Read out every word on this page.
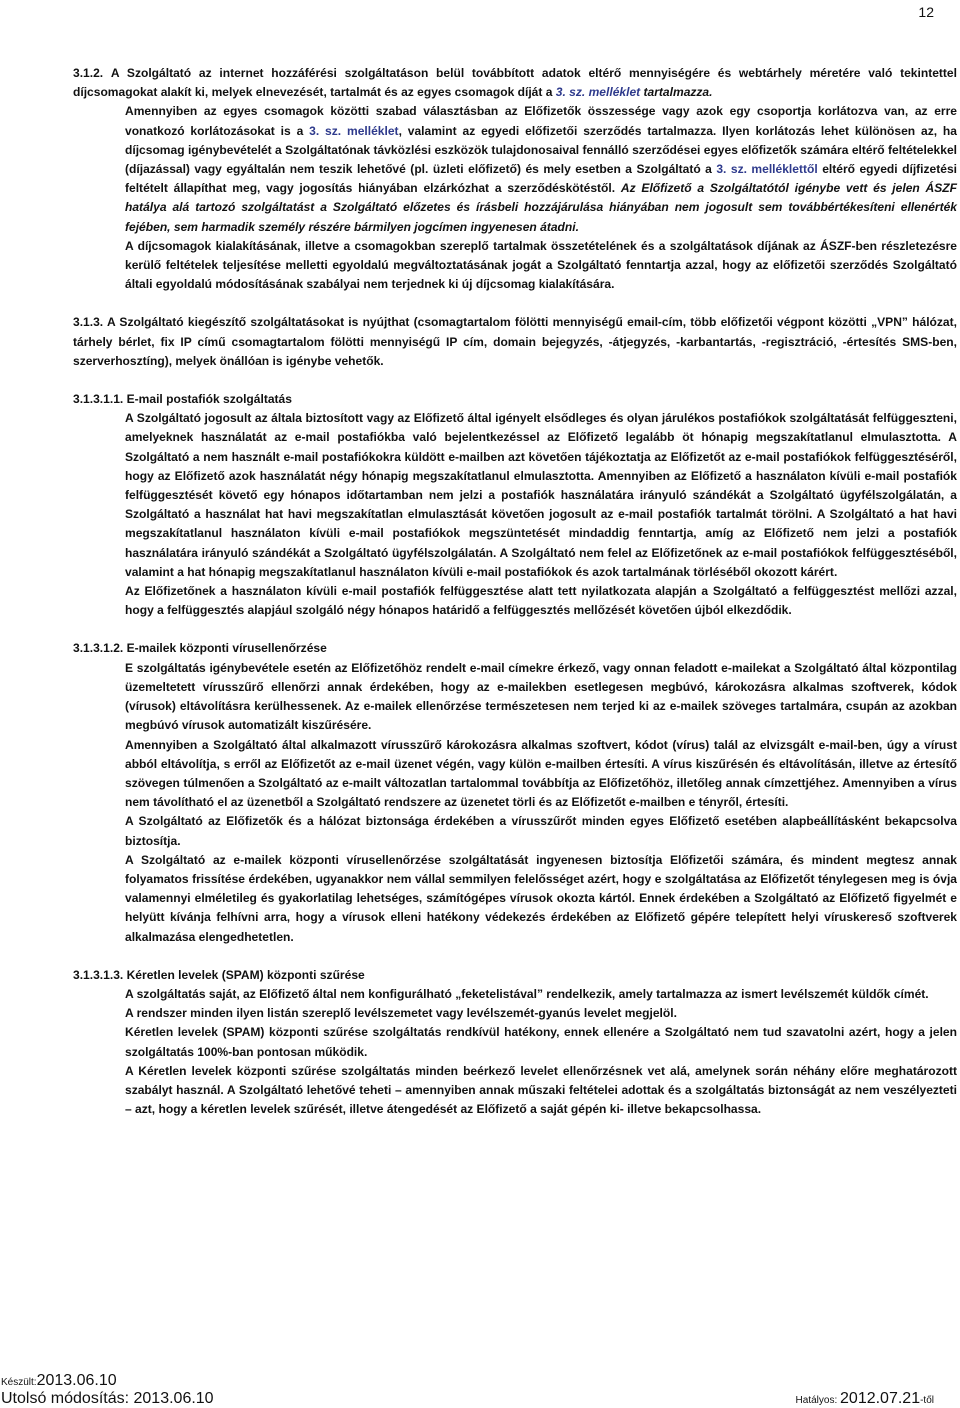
12

3.1.2. A Szolgáltató az internet hozzáférési szolgáltatáson belül továbbított adatok eltérő mennyiségére és webtárhely méretére való tekintettel díjcsomagokat alakít ki, melyek elnevezését, tartalmát és az egyes csomagok díját a 3. sz. melléklet tartalmazza.

Amennyiben az egyes csomagok közötti szabad választásban az Előfizetők összessége vagy azok egy csoportja korlátozva van, az erre vonatkozó korlátozásokat is a 3. sz. melléklet, valamint az egyedi előfizetői szerződés tartalmazza. Ilyen korlátozás lehet különösen az, ha díjcsomag igénybevételét a Szolgáltatónak távközlési eszközök tulajdonosaival fennálló szerződései egyes előfizetők számára eltérő feltételekkel (díjazással) vagy egyáltalán nem teszik lehetővé (pl. üzleti előfizető) és mely esetben a Szolgáltató a 3. sz. melléklettől eltérő egyedi díjfizetési feltételt állapíthat meg, vagy jogosítás hiányában elzárkózhat a szerződéskötéstől. Az Előfizető a Szolgáltatótól igénybe vett és jelen ÁSZF hatálya alá tartozó szolgáltatást a Szolgáltató előzetes és írásbeli hozzájárulása hiányában nem jogosult sem továbbértékesíteni ellenérték fejében, sem harmadik személy részére bármilyen jogcímen ingyenesen átadni.

A díjcsomagok kialakításának, illetve a csomagokban szereplő tartalmak összetételének és a szolgáltatások díjának az ÁSZF-ben részletezésre kerülő feltételek teljesítése melletti egyoldalú megváltoztatásának jogát a Szolgáltató fenntartja azzal, hogy az előfizetői szerződés Szolgáltató általi egyoldalú módosításának szabályai nem terjednek ki új díjcsomag kialakítására.

3.1.3. A Szolgáltató kiegészítő szolgáltatásokat is nyújthat (csomagtartalom fölötti mennyiségű email-cím, több előfizetői végpont közötti „VPN” hálózat, tárhely bérlet, fix IP című csomagtartalom fölötti mennyiségű IP cím, domain bejegyzés, -átjegyzés, -karbantartás, -regisztráció, -értesítés SMS-ben, szerverhosztíng), melyek önállóan is igénybe vehetők.

3.1.3.1.1. E-mail postafiók szolgáltatás

A Szolgáltató jogosult az általa biztosított vagy az Előfizető által igényelt elsődleges és olyan járulékos postafiókok szolgáltatását felfüggeszteni, amelyeknek használatát az e-mail postafiókba való bejelentkezéssel az Előfizető legalább öt hónapig megszakítatlanul elmulasztotta. A Szolgáltató a nem használt e-mail postafiókokra küldött e-mailben azt követően tájékoztatja az Előfizetőt az e-mail postafiókok felfüggesztéséről, hogy az Előfizető azok használatát négy hónapig megszakítatlanul elmulasztotta. Amennyiben az Előfizető a használaton kívüli e-mail postafiók felfüggesztését követő egy hónapos időtartamban nem jelzi a postafiók használatára irányuló szándékát a Szolgáltató ügyfélszolgálatán, a Szolgáltató a használat hat havi megszakítatlan elmulasztását követően jogosult az e-mail postafiók tartalmát törölni. A Szolgáltató a hat havi megszakítatlanul használaton kívüli e-mail postafiókok megszüntetését mindaddig fenntartja, amíg az Előfizető nem jelzi a postafiók használatára irányuló szándékát a Szolgáltató ügyfélszolgálatán. A Szolgáltató nem felel az Előfizetőnek az e-mail postafiókok felfüggesztéséből, valamint a hat hónapig megszakítatlanul használaton kívüli e-mail postafiókok és azok tartalmának törléséből okozott kárért.

Az Előfizetőnek a használaton kívüli e-mail postafiók felfüggesztése alatt tett nyilatkozata alapján a Szolgáltató a felfüggesztést mellőzi azzal, hogy a felfüggesztés alapjául szolgáló négy hónapos határidő a felfüggesztés mellőzését követően újból elkezdődik.

3.1.3.1.2. E-mailek központi vírusellenőrzése

E szolgáltatás igénybevétele esetén az Előfizetőhöz rendelt e-mail címekre érkező, vagy onnan feladott e-mailekat a Szolgáltató által központilag üzemeltetett vírusszűrő ellenőrzi annak érdekében, hogy az e-mailekben esetlegesen megbúvó, károkozásra alkalmas szoftverek, kódok (vírusok) eltávolításra kerülhessenek. Az e-mailek ellenőrzése természetesen nem terjed ki az e-mailek szöveges tartalmára, csupán az azokban megbúvó vírusok automatizált kiszűrésére.

Amennyiben a Szolgáltató által alkalmazott vírusszűrő károkozásra alkalmas szoftvert, kódot (vírus) talál az elvizsgált e-mail-ben, úgy a vírust abból eltávolítja, s erről az Előfizetőt az e-mail üzenet végén, vagy külön e-mailben értesíti. A vírus kiszűrésén és eltávolításán, illetve az értesítő szövegen túlmenően a Szolgáltató az e-mailt változatlan tartalommal továbbítja az Előfizetőhöz, illetőleg annak címzettjéhez. Amennyiben a vírus nem távolítható el az üzenetből a Szolgáltató rendszere az üzenetet törli és az Előfizetőt e-mailben e tényről, értesíti.

A Szolgáltató az Előfizetők és a hálózat biztonsága érdekében a vírusszűrőt minden egyes Előfizető esetében alapbeállításként bekapcsolva biztosítja.

A Szolgáltató az e-mailek központi vírusellenőrzése szolgáltatását ingyenesen biztosítja Előfizetői számára, és mindent megtesz annak folyamatos frissítése érdekében, ugyanakkor nem vállal semmilyen felelősséget azért, hogy e szolgáltatása az Előfizetőt ténylegesen meg is óvja valamennyi elméletileg és gyakorlatilag lehetséges, számítógépes vírusok okozta kártól. Ennek érdekében a Szolgáltató az Előfizető figyelmét e helyütt kívánja felhívni arra, hogy a vírusok elleni hatékony védekezés érdekében az Előfizető gépére telepített helyi víruskereső szoftverek alkalmazása elengedhetetlen.

3.1.3.1.3. Kéretlen levelek (SPAM) központi szűrése

A szolgáltatás saját, az Előfizető által nem konfigurálható „feketelistával” rendelkezik, amely tartalmazza az ismert levélszemét küldők címét.

A rendszer minden ilyen listán szereplő levélszemetet vagy levélszemét-gyanús levelet megjelöl.

Kéretlen levelek (SPAM) központi szűrése szolgáltatás rendkívül hatékony, ennek ellenére a Szolgáltató nem tud szavatolni azért, hogy a jelen szolgáltatás 100%-ban pontosan működik.

A Kéretlen levelek központi szűrése szolgáltatás minden beérkező levelet ellenőrzésnek vet alá, amelynek során néhány előre meghatározott szabályt használ. A Szolgáltató lehetővé teheti – amennyiben annak műszaki feltételei adottak és a szolgáltatás biztonságát az nem veszélyezteti – azt, hogy a kéretlen levelek szűrését, illetve átengedését az Előfizető a saját gépén ki- illetve bekapcsolhassa.

Készült:2013.06.10
Utolsó módosítás: 2013.06.10	Hatályos: 2012.07.21-től
